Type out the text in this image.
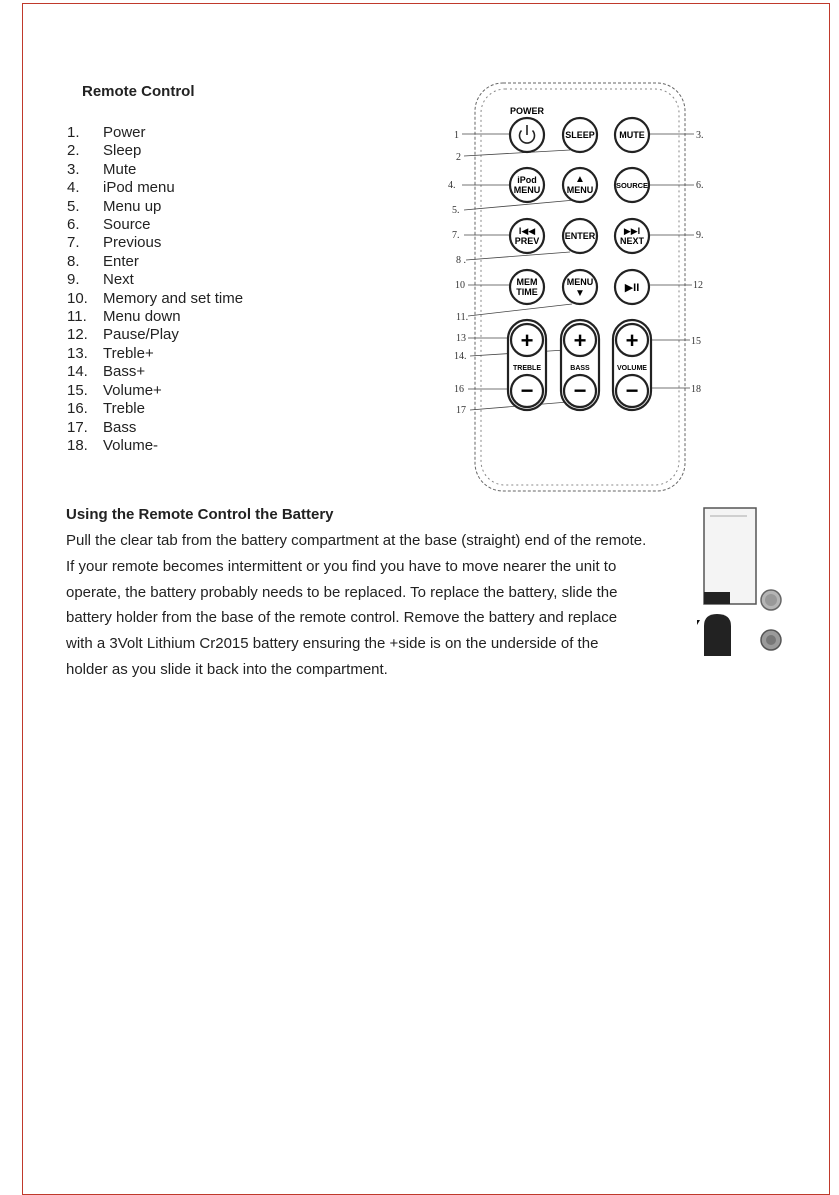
Remote Control
1.	Power
2.	Sleep
3.	Mute
4.	iPod menu
5.	Menu up
6.	Source
7.	Previous
8.	Enter
9.	Next
10.	Memory and set time
11.	Menu down
12.	Pause/Play
13.	Treble+
14.	Bass+
15.	Volume+
16.	Treble
17.	Bass
18.	Volume-
1
2
3.
4.
5.
6.
7.
8 .
9.
10
11.
12
13
14.
15
16
17
18
POWER
SLEEP	MUTE
iPod
MENU
▲
MENU	SOURCE
I◀◀
PREV	ENTER	▶▶I
NEXT
MEM
TIME
MENU
▼	▶II
+
TREBLE
−
+
BASS
−
+
VOLUME
−
Using the Remote Control the Battery

Pull the clear tab from the battery compartment at the base (straight) end of the remote.
If your remote becomes intermittent or you find you have to move nearer the unit to
operate, the battery probably needs to be replaced. To replace the battery, slide the
battery holder from the base of the remote control. Remove the battery and replace
with a 3Volt Lithium Cr2015 battery ensuring the +side is on the underside of the
holder as you slide it back into the compartment.
